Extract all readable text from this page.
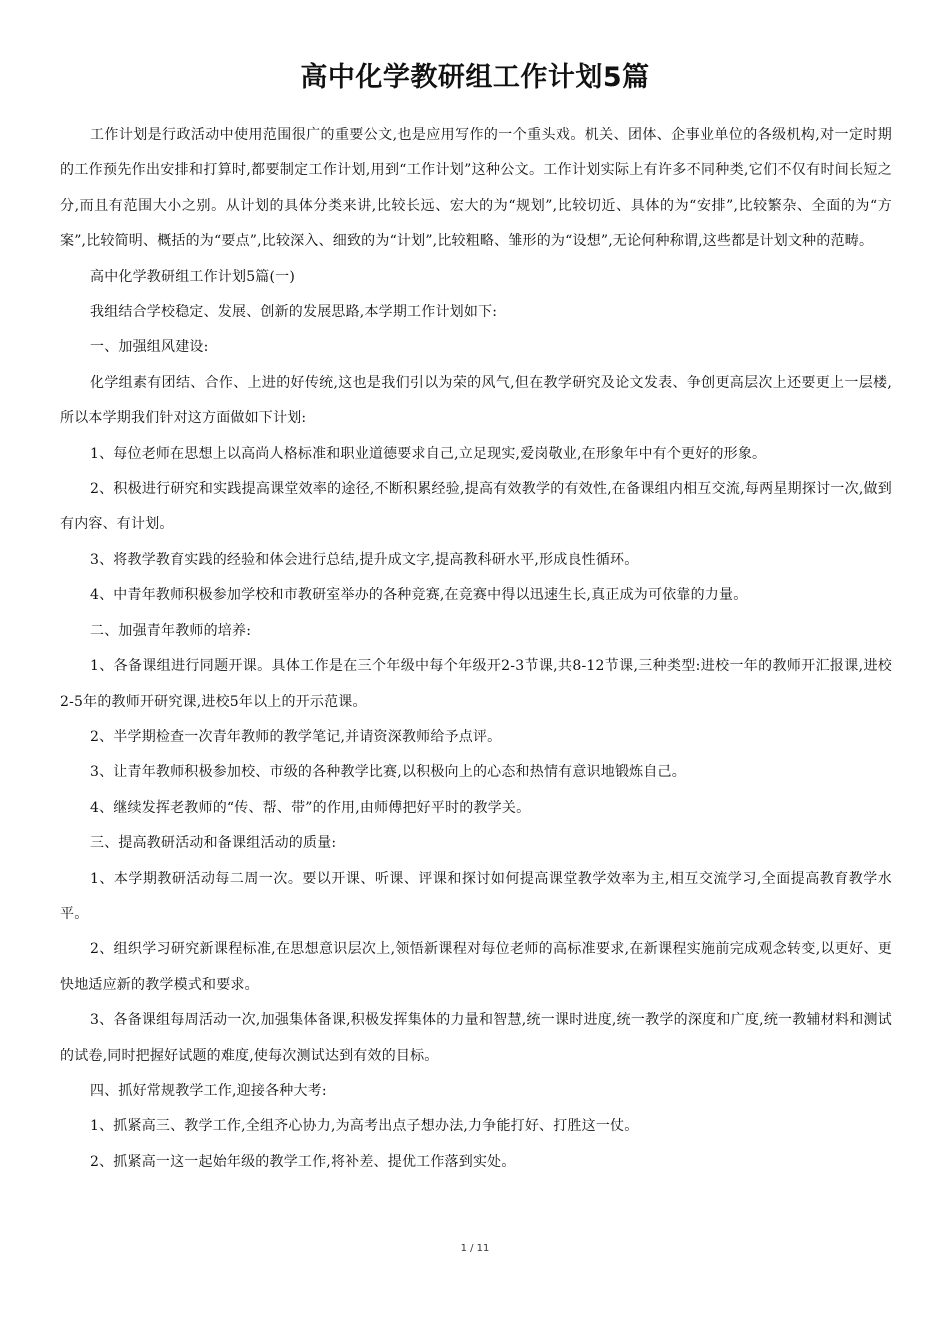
高中化学教研组工作计划5篇

工作计划是行政活动中使用范围很广的重要公文,也是应用写作的一个重头戏。机关、团体、企事业单位的各级机构,对一定时期的工作预先作出安排和打算时,都要制定工作计划,用到“工作计划”这种公文。工作计划实际上有许多不同种类,它们不仅有时间长短之分,而且有范围大小之别。从计划的具体分类来讲,比较长远、宏大的为“规划”,比较切近、具体的为“安排”,比较繁杂、全面的为“方案”,比较简明、概括的为“要点”,比较深入、细致的为“计划”,比较粗略、雏形的为“设想”,无论何种称谓,这些都是计划文种的范畴。

高中化学教研组工作计划5篇(一)

我组结合学校稳定、发展、创新的发展思路,本学期工作计划如下:

一、加强组风建设:

化学组素有团结、合作、上进的好传统,这也是我们引以为荣的风气,但在教学研究及论文发表、争创更高层次上还要更上一层楼,所以本学期我们针对这方面做如下计划:

1、每位老师在思想上以高尚人格标准和职业道德要求自己,立足现实,爱岗敬业,在形象年中有个更好的形象。

2、积极进行研究和实践提高课堂效率的途径,不断积累经验,提高有效教学的有效性,在备课组内相互交流,每两星期探讨一次,做到有内容、有计划。

3、将教学教育实践的经验和体会进行总结,提升成文字,提高教科研水平,形成良性循环。

4、中青年教师积极参加学校和市教研室举办的各种竞赛,在竞赛中得以迅速生长,真正成为可依靠的力量。

二、加强青年教师的培养:

1、各备课组进行同题开课。具体工作是在三个年级中每个年级开2-3节课,共8-12节课,三种类型:进校一年的教师开汇报课,进校2-5年的教师开研究课,进校5年以上的开示范课。

2、半学期检查一次青年教师的教学笔记,并请资深教师给予点评。

3、让青年教师积极参加校、市级的各种教学比赛,以积极向上的心态和热情有意识地锻炼自己。

4、继续发挥老教师的“传、帮、带”的作用,由师傅把好平时的教学关。

三、提高教研活动和备课组活动的质量:

1、本学期教研活动每二周一次。要以开课、听课、评课和探讨如何提高课堂教学效率为主,相互交流学习,全面提高教育教学水平。

2、组织学习研究新课程标准,在思想意识层次上,领悟新课程对每位老师的高标准要求,在新课程实施前完成观念转变,以更好、更快地适应新的教学模式和要求。

3、各备课组每周活动一次,加强集体备课,积极发挥集体的力量和智慧,统一课时进度,统一教学的深度和广度,统一教辅材料和测试的试卷,同时把握好试题的难度,使每次测试达到有效的目标。

四、抓好常规教学工作,迎接各种大考:

1、抓紧高三、教学工作,全组齐心协力,为高考出点子想办法,力争能打好、打胜这一仗。

2、抓紧高一这一起始年级的教学工作,将补差、提优工作落到实处。

1 / 11
